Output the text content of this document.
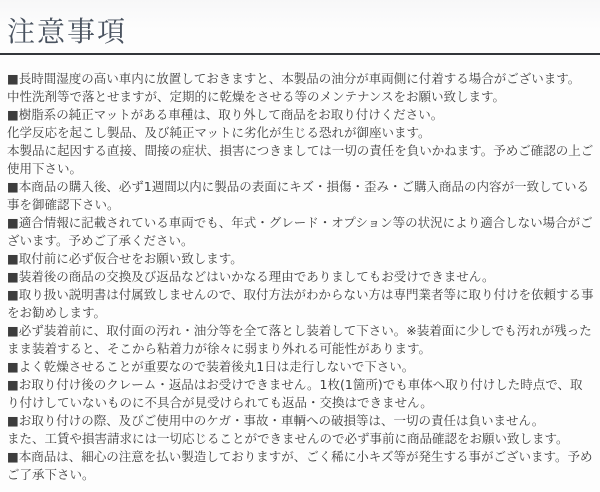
注意事項

■長時間湿度の高い車内に放置しておきますと、本製品の油分が車両側に付着する場合がございます。

中性洗剤等で落とせますが、定期的に乾燥をさせる等のメンテナンスをお願い致します。

■樹脂系の純正マットがある車種は、取り外して商品をお取り付けください。

化学反応を起こし製品、及び純正マットに劣化が生じる恐れが御座います。

本製品に起因する直接、間接の症状、損害につきましては一切の責任を負いかねます。予めご確認の上ご使用下さい。

■本商品の購入後、必ず1週間以内に製品の表面にキズ・損傷・歪み・ご購入商品の内容が一致している事を御確認下さい。

■適合情報に記載されている車両でも、年式・グレード・オプション等の状況により適合しない場合がございます。予めご了承ください。

■取付前に必ず仮合せをお願い致します。

■装着後の商品の交換及び返品などはいかなる理由でありましてもお受けできません。

■取り扱い説明書は付属致しませんので、取付方法がわからない方は専門業者等に取り付けを依頼する事をお勧めします。

■必ず装着前に、取付面の汚れ・油分等を全て落とし装着して下さい。※装着面に少しでも汚れが残ったまま装着すると、そこから粘着力が徐々に弱まり外れる可能性があります。

■よく乾燥させることが重要なので装着後丸1日は走行しないで下さい。

■お取り付け後のクレーム・返品はお受けできません。1枚(1箇所)でも車体へ取り付けした時点で、取り付けしていないものに不具合が見受けられても返品・交換はできません。

■お取り付けの際、及びご使用中のケガ・事故・車輌への破損等は、一切の責任は負いません。

また、工賃や損害請求には一切応じることができませんので必ず事前に商品確認をお願い致します。

■本商品は、細心の注意を払い製造しておりますが、ごく稀に小キズ等が発生する事がございます。予めご了承下さい。
